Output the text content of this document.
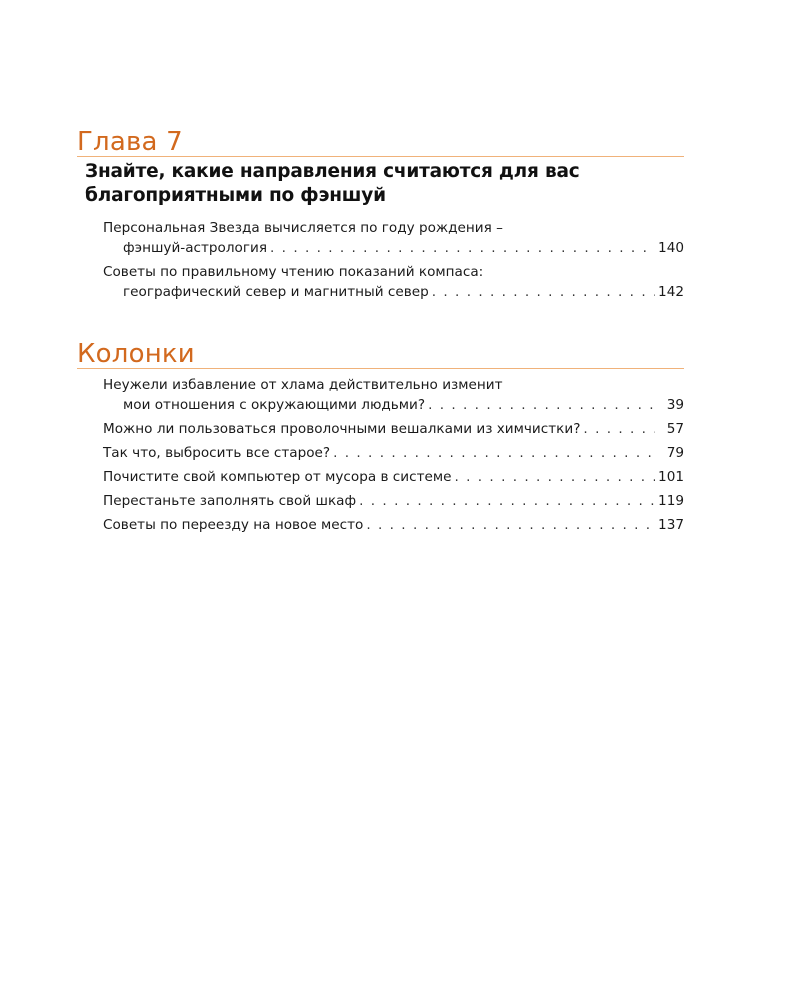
Глава 7
Знайте, какие направления считаются для вас
благоприятными по фэншуй
Персональная Звезда вычисляется по году рождения –
фэншуй-астрология . . .	140
Советы по правильному чтению показаний компаса:
географический север и магнитный север . . .	142
Колонки
Неужели избавление от хлама действительно изменит
мои отношения с окружающими людьми? . . .	39
Можно ли пользоваться проволочными вешалками из химчистки? . . .	57
Так что, выбросить все старое? . . .	79
Почистите свой компьютер от мусора в системе . . .	101
Перестаньте заполнять свой шкаф . . .	119
Советы по переезду на новое место . . .	137
